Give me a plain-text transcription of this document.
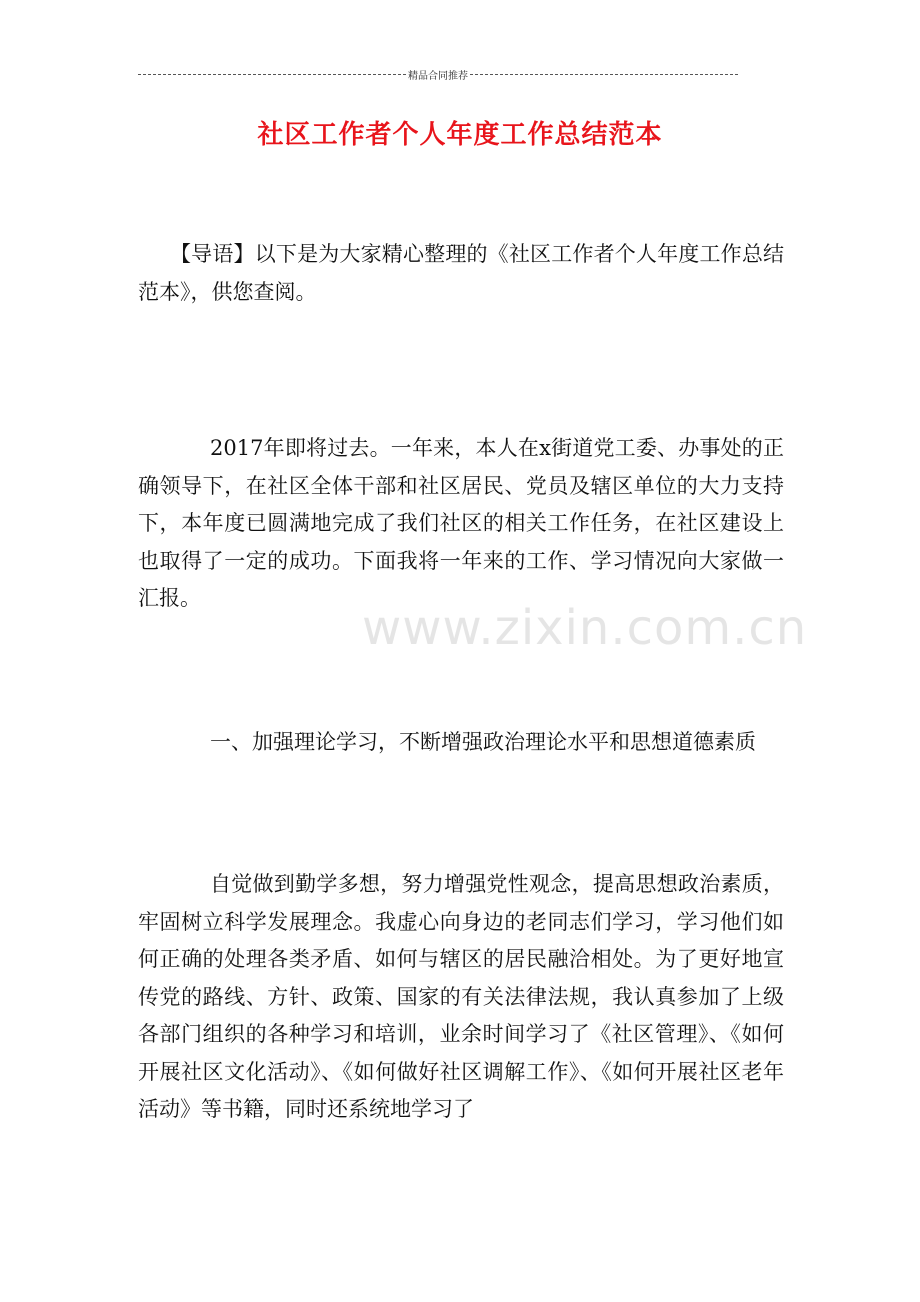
精品合同推荐
社区工作者个人年度工作总结范本

【导语】以下是为大家精心整理的《社区工作者个人年度工作总结范本》，供您查阅。

2017年即将过去。一年来，本人在x街道党工委、办事处的正确领导下，在社区全体干部和社区居民、党员及辖区单位的大力支持下，本年度已圆满地完成了我们社区的相关工作任务，在社区建设上也取得了一定的成功。下面我将一年来的工作、学习情况向大家做一汇报。

一、加强理论学习，不断增强政治理论水平和思想道德素质

自觉做到勤学多想，努力增强党性观念，提高思想政治素质，牢固树立科学发展理念。我虚心向身边的老同志们学习，学习他们如何正确的处理各类矛盾、如何与辖区的居民融洽相处。为了更好地宣传党的路线、方针、政策、国家的有关法律法规，我认真参加了上级各部门组织的各种学习和培训，业余时间学习了《社区管理》、《如何开展社区文化活动》、《如何做好社区调解工作》、《如何开展社区老年活动》等书籍，同时还系统地学习了

www.zixin.com.cn
